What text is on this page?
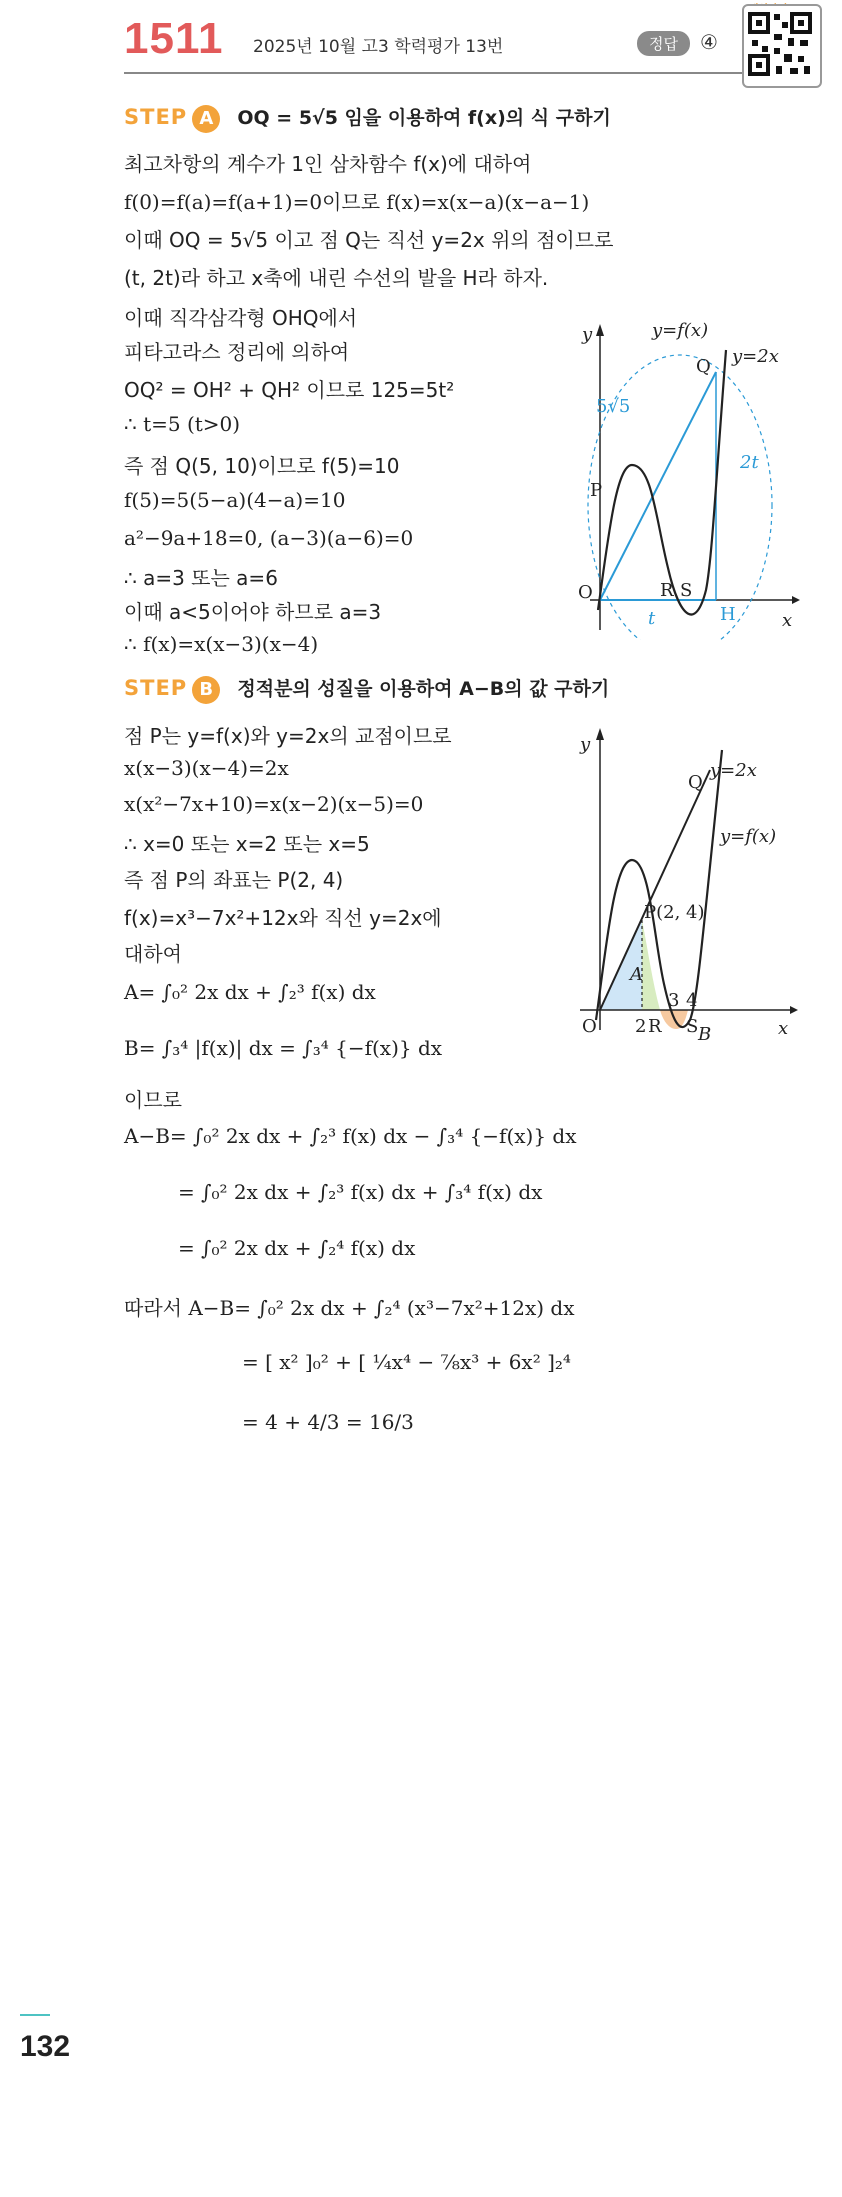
1511 2025년 10월 고3 학력평가 13번	정답	④
STEP A OQ = 5√5 임을 이용하여 f(x)의 식 구하기
최고차항의 계수가 1인 삼차함수 f(x)에 대하여
f(0)=f(a)=f(a+1)=0이므로 f(x)=x(x−a)(x−a−1)
이때 OQ = 5√5 이고 점 Q는 직선 y=2x 위의 점이므로
(t, 2t)라 하고 x축에 내린 수선의 발을 H라 하자.
이때 직각삼각형 OHQ에서
피타고라스 정리에 의하여
OQ² = OH² + QH² 이므로 125=5t²
∴ t=5 (t>0)
즉 점 Q(5, 10)이므로 f(5)=10
f(5)=5(5−a)(4−a)=10
a²−9a+18=0, (a−3)(a−6)=0
∴ a=3 또는 a=6
이때 a<5이어야 하므로 a=3
∴ f(x)=x(x−3)(x−4)
y
x
y=f(x)
y=2x
O
P
Q
R S
H
5√5
2t
t
STEP B 정적분의 성질을 이용하여 A−B의 값 구하기
점 P는 y=f(x)와 y=2x의 교점이므로
x(x−3)(x−4)=2x
x(x²−7x+10)=x(x−2)(x−5)=0
∴ x=0 또는 x=2 또는 x=5
즉 점 P의 좌표는 P(2, 4)
f(x)=x³−7x²+12x와 직선 y=2x에
대하여
A= ∫₀² 2x dx + ∫₂³ f(x) dx
B= ∫₃⁴ |f(x)| dx = ∫₃⁴ {−f(x)} dx
이므로
A−B= ∫₀² 2x dx + ∫₂³ f(x) dx − ∫₃⁴ {−f(x)} dx
= ∫₀² 2x dx + ∫₂³ f(x) dx + ∫₃⁴ f(x) dx
= ∫₀² 2x dx + ∫₂⁴ f(x) dx
따라서 A−B= ∫₀² 2x dx + ∫₂⁴ (x³−7x²+12x) dx
= [ x² ]₀² + [ ¼x⁴ − ⅞x³ + 6x² ]₂⁴
= 4 + 4/3 = 16/3
y
x
y=2x
y=f(x)
P(2, 4)
Q
O 2 R
3 4
S
A
B
132
